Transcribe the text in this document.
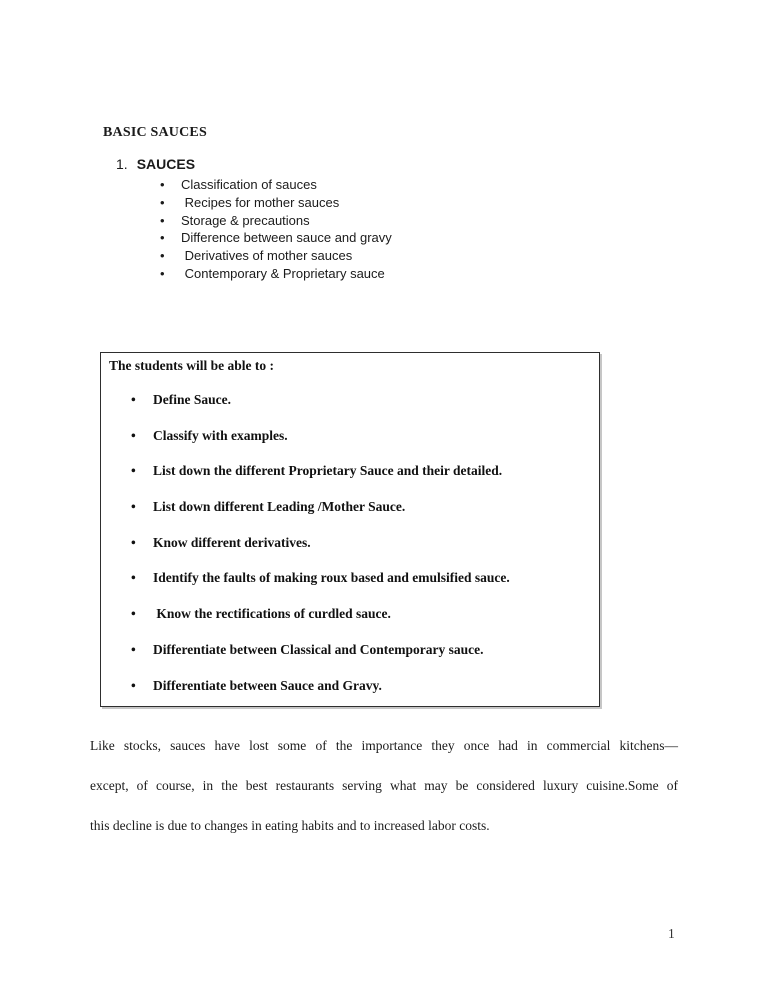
BASIC SAUCES
1. SAUCES
•	Classification of sauces
•	Recipes for mother sauces
•	Storage & precautions
•	Difference between sauce and gravy
•	Derivatives of mother sauces
•	Contemporary & Proprietary sauce
The students will be able to :
•	Define Sauce.
•	Classify with examples.
•	List down the different Proprietary Sauce and their detailed.
•	List down different Leading /Mother Sauce.
•	Know different derivatives.
•	Identify the faults of making roux based and emulsified sauce.
•	Know the rectifications of curdled sauce.
•	Differentiate between Classical and Contemporary sauce.
•	Differentiate between Sauce and Gravy.
Like stocks, sauces have lost some of the importance they once had in commercial kitchens—
except, of course, in the best restaurants serving what may be considered luxury cuisine.Some of
this decline is due to changes in eating habits and to increased labor costs.
1
